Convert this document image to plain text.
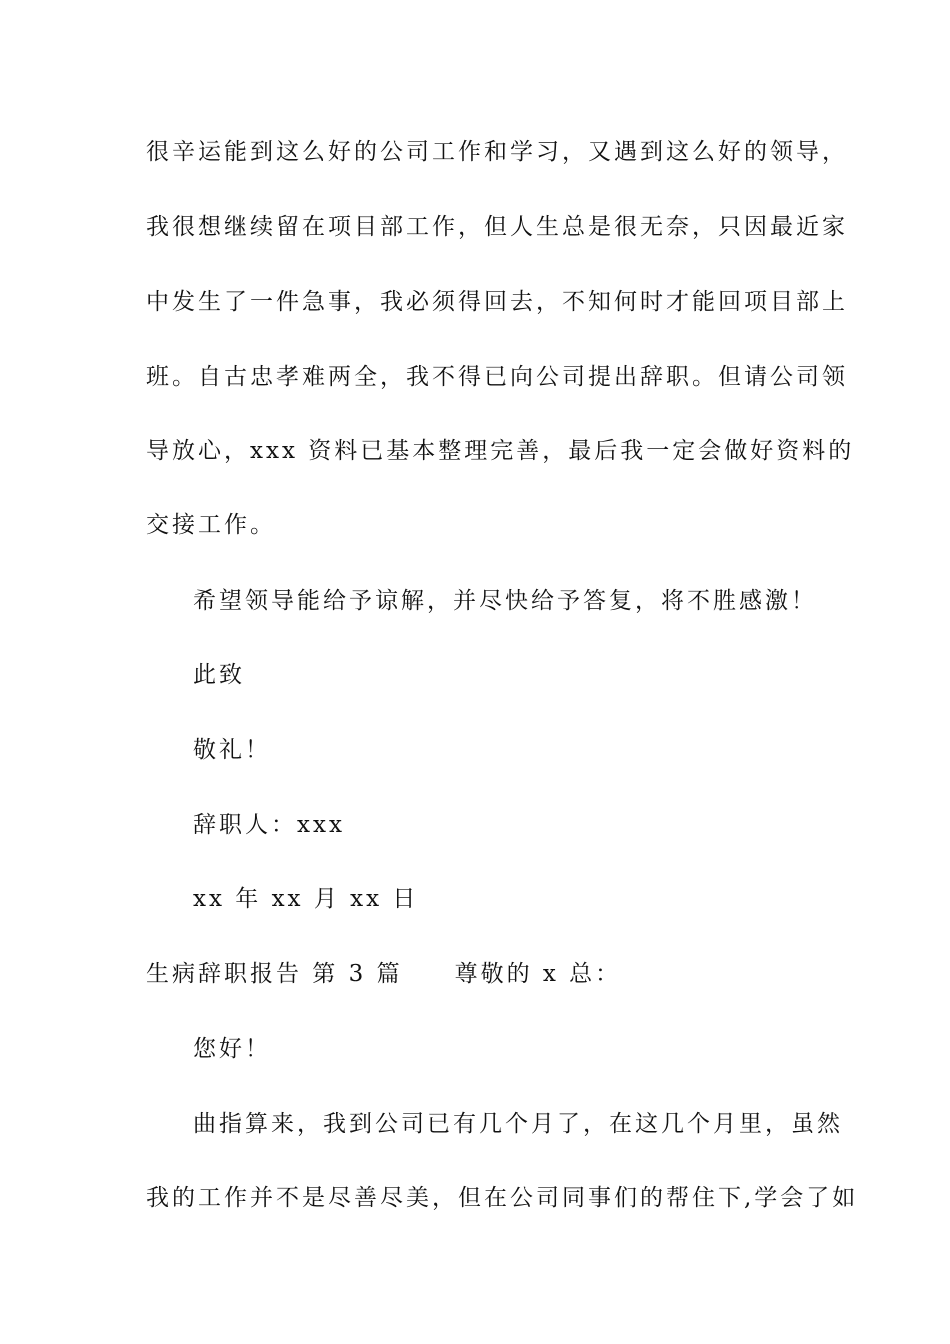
很辛运能到这么好的公司工作和学习，又遇到这么好的领导，
我很想继续留在项目部工作，但人生总是很无奈，只因最近家
中发生了一件急事，我必须得回去，不知何时才能回项目部上
班。自古忠孝难两全，我不得已向公司提出辞职。但请公司领
导放心，xxx 资料已基本整理完善，最后我一定会做好资料的
交接工作。
希望领导能给予谅解，并尽快给予答复，将不胜感激！
此致
敬礼！
辞职人：xxx
xx 年 xx 月 xx 日
生病辞职报告 第 3 篇 尊敬的 x 总：
您好！
曲指算来，我到公司已有几个月了，在这几个月里，虽然
我的工作并不是尽善尽美，但在公司同事们的帮住下,学会了如
